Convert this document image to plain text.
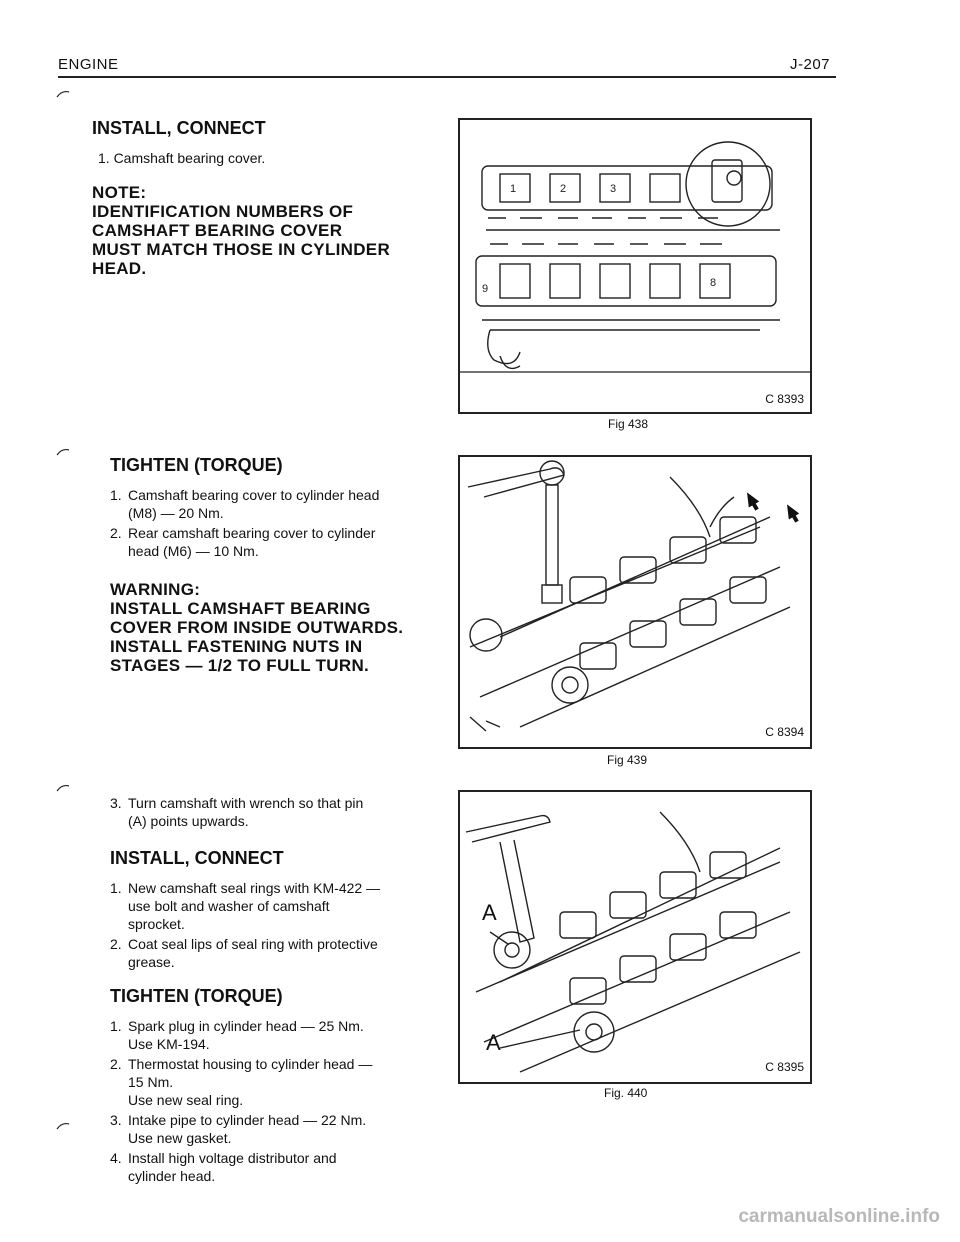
ENGINE	J-207
INSTALL, CONNECT
1. Camshaft bearing cover.
NOTE:
IDENTIFICATION NUMBERS OF
CAMSHAFT BEARING COVER
MUST MATCH THOSE IN CYLINDER
HEAD.
TIGHTEN (TORQUE)
1. Camshaft bearing cover to cylinder head
(M8) — 20 Nm.
2. Rear camshaft bearing cover to cylinder
head (M6) — 10 Nm.
WARNING:
INSTALL CAMSHAFT BEARING
COVER FROM INSIDE OUTWARDS.
INSTALL FASTENING NUTS IN
STAGES — 1/2 TO FULL TURN.
3. Turn camshaft with wrench so that pin
(A) points upwards.
INSTALL, CONNECT
1. New camshaft seal rings with KM-422 —
use bolt and washer of camshaft
sprocket.
2. Coat seal lips of seal ring with protective
grease.
TIGHTEN (TORQUE)
1. Spark plug in cylinder head — 25 Nm.
Use KM-194.
2. Thermostat housing to cylinder head —
15 Nm.
Use new seal ring.
3. Intake pipe to cylinder head — 22 Nm.
Use new gasket.
4. Install high voltage distributor and
cylinder head.
1	2	3
9	8
C 8393
Fig 438
C 8394
Fig 439
A
A
C 8395
Fig. 440
carmanualsonline.info
